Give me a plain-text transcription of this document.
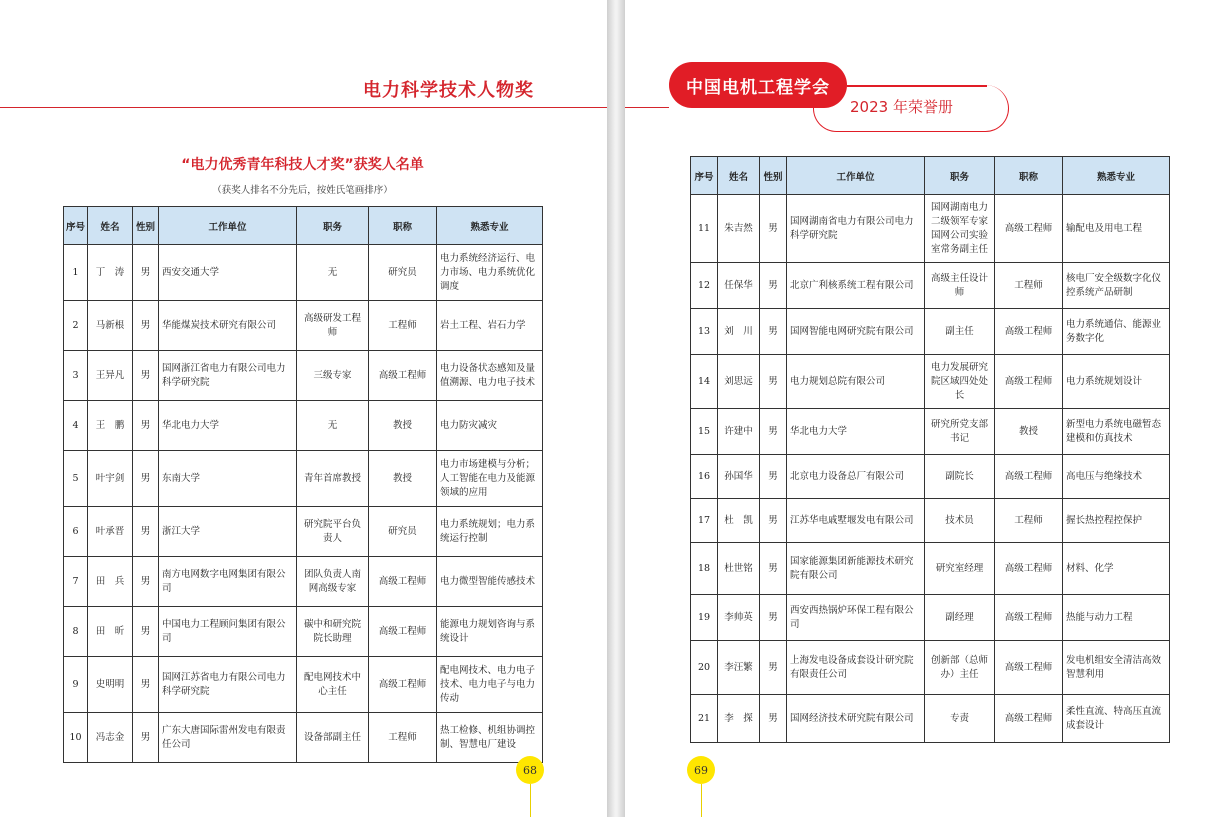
电力科学技术人物奖
“电力优秀青年科技人才奖”获奖人名单
（获奖人排名不分先后，按姓氏笔画排序）
序号	姓名	性别	工作单位	职务	职称	熟悉专业
1	丁　涛	男	西安交通大学	无	研究员	电力系统经济运行、电力市场、电力系统优化调度
2	马新根	男	华能煤炭技术研究有限公司	高级研发工程师	工程师	岩土工程、岩石力学
3	王异凡	男	国网浙江省电力有限公司电力科学研究院	三级专家	高级工程师	电力设备状态感知及量值溯源、电力电子技术
4	王　鹏	男	华北电力大学	无	教授	电力防灾减灾
5	叶宇剑	男	东南大学	青年首席教授	教授	电力市场建模与分析；人工智能在电力及能源领域的应用
6	叶承晋	男	浙江大学	研究院平台负责人	研究员	电力系统规划；电力系统运行控制
7	田　兵	男	南方电网数字电网集团有限公司	团队负责人南网高级专家	高级工程师	电力微型智能传感技术
8	田　昕	男	中国电力工程顾问集团有限公司	碳中和研究院院长助理	高级工程师	能源电力规划咨询与系统设计
9	史明明	男	国网江苏省电力有限公司电力科学研究院	配电网技术中心主任	高级工程师	配电网技术、电力电子技术、电力电子与电力传动
10	冯志金	男	广东大唐国际雷州发电有限责任公司	设备部副主任	工程师	热工检修、机组协调控制、智慧电厂建设
68
中国电机工程学会
2023 年荣誉册
序号	姓名	性别	工作单位	职务	职称	熟悉专业
11	朱吉然	男	国网湖南省电力有限公司电力科学研究院	国网湖南电力二级领军专家国网公司实验室常务副主任	高级工程师	输配电及用电工程
12	任保华	男	北京广利核系统工程有限公司	高级主任设计师	工程师	核电厂安全级数字化仪控系统产品研制
13	刘　川	男	国网智能电网研究院有限公司	副主任	高级工程师	电力系统通信、能源业务数字化
14	刘思远	男	电力规划总院有限公司	电力发展研究院区域四处处长	高级工程师	电力系统规划设计
15	许建中	男	华北电力大学	研究所党支部书记	教授	新型电力系统电磁暂态建模和仿真技术
16	孙国华	男	北京电力设备总厂有限公司	副院长	高级工程师	高电压与绝缘技术
17	杜　凯	男	江苏华电戚墅堰发电有限公司	技术员	工程师	握长热控程控保护
18	杜世铭	男	国家能源集团新能源技术研究院有限公司	研究室经理	高级工程师	材料、化学
19	李帅英	男	西安西热锅炉环保工程有限公司	副经理	高级工程师	热能与动力工程
20	李汪繁	男	上海发电设备成套设计研究院有限责任公司	创新部（总师办）主任	高级工程师	发电机组安全清洁高效智慧利用
21	李　探	男	国网经济技术研究院有限公司	专责	高级工程师	柔性直流、特高压直流成套设计
69
